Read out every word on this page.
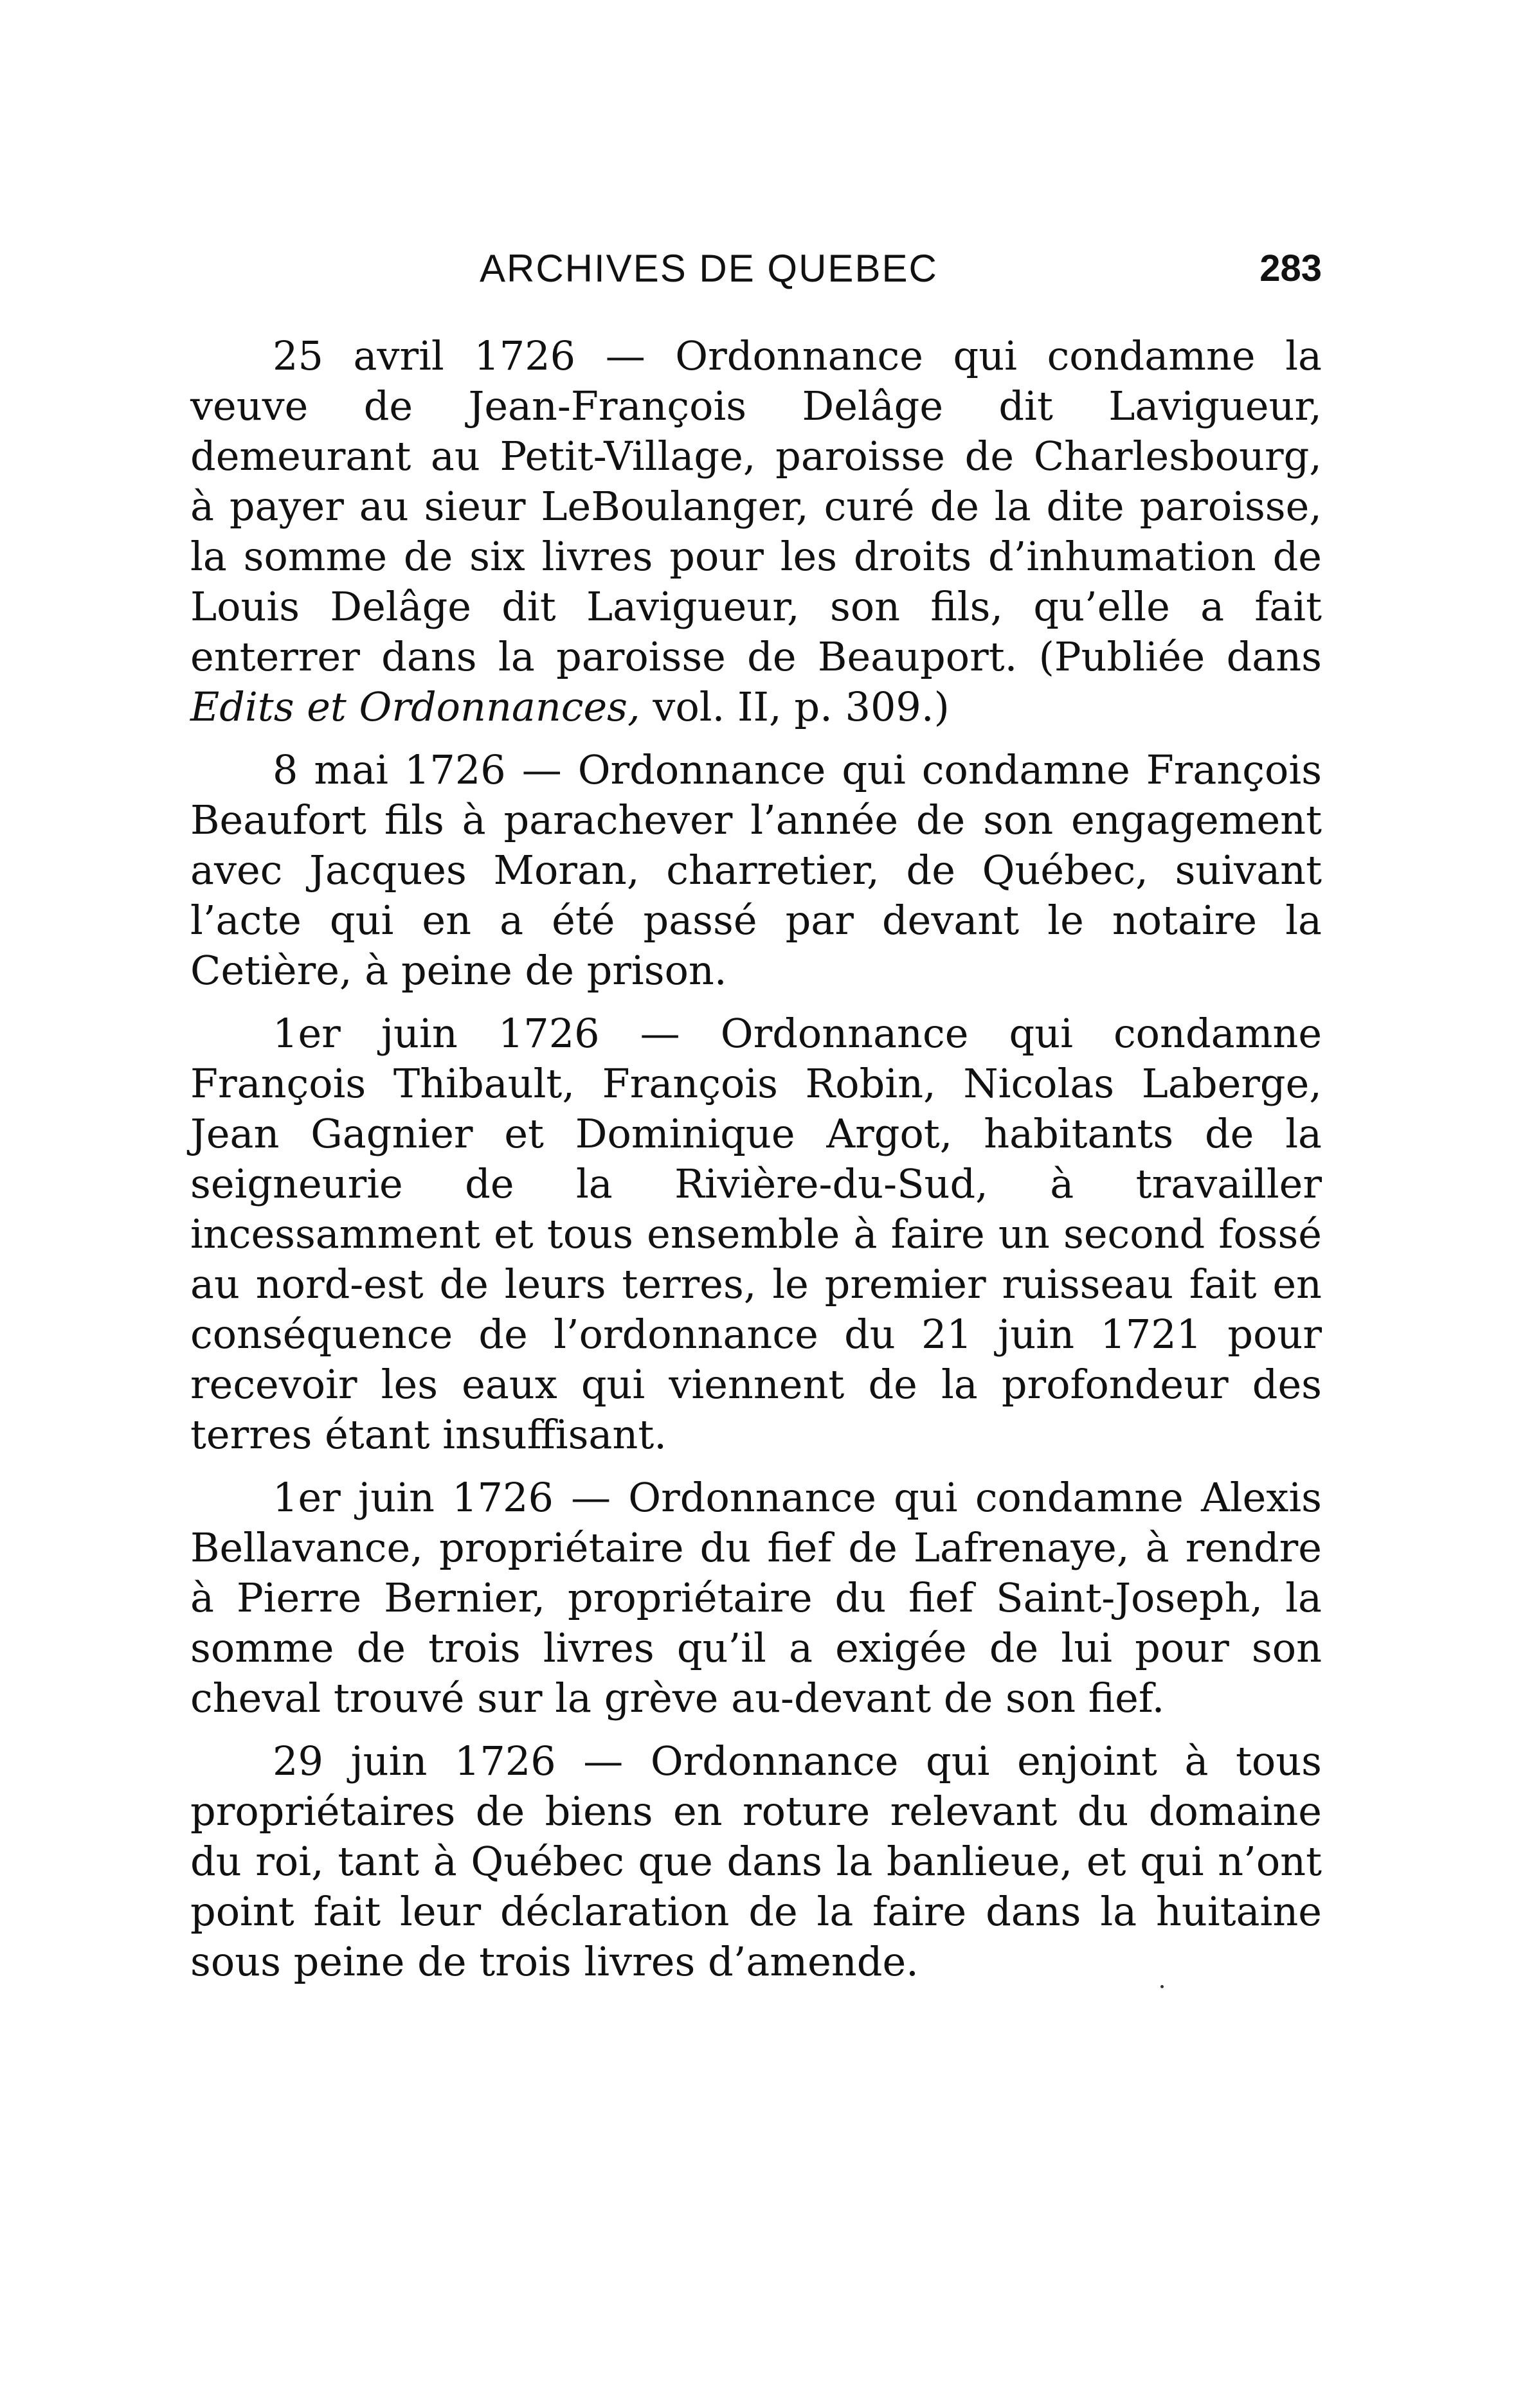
ARCHIVES DE QUEBEC	283

25 avril 1726 — Ordonnance qui condamne la veuve de Jean-François Delâge dit Lavigueur, demeurant au Petit-Village, paroisse de Charlesbourg, à payer au sieur LeBoulanger, curé de la dite paroisse, la somme de six livres pour les droits d’inhumation de Louis Delâge dit Lavigueur, son fils, qu’elle a fait enterrer dans la paroisse de Beauport. (Publiée dans Edits et Ordonnances, vol. II, p. 309.)

8 mai 1726 — Ordonnance qui condamne François Beaufort fils à parachever l’année de son engagement avec Jacques Moran, charretier, de Québec, suivant l’acte qui en a été passé par devant le notaire la Cetière, à peine de prison.

1er juin 1726 — Ordonnance qui condamne François Thibault, François Robin, Nicolas Laberge, Jean Gagnier et Dominique Argot, habitants de la seigneurie de la Rivière-du-Sud, à travailler incessamment et tous ensemble à faire un second fossé au nord-est de leurs terres, le premier ruisseau fait en conséquence de l’ordonnance du 21 juin 1721 pour recevoir les eaux qui viennent de la profondeur des terres étant insuffisant.

1er juin 1726 — Ordonnance qui condamne Alexis Bellavance, propriétaire du fief de Lafrenaye, à rendre à Pierre Bernier, propriétaire du fief Saint-Joseph, la somme de trois livres qu’il a exigée de lui pour son cheval trouvé sur la grève au-devant de son fief.

29 juin 1726 — Ordonnance qui enjoint à tous propriétaires de biens en roture relevant du domaine du roi, tant à Québec que dans la banlieue, et qui n’ont point fait leur déclaration de la faire dans la huitaine sous peine de trois livres d’amende.
